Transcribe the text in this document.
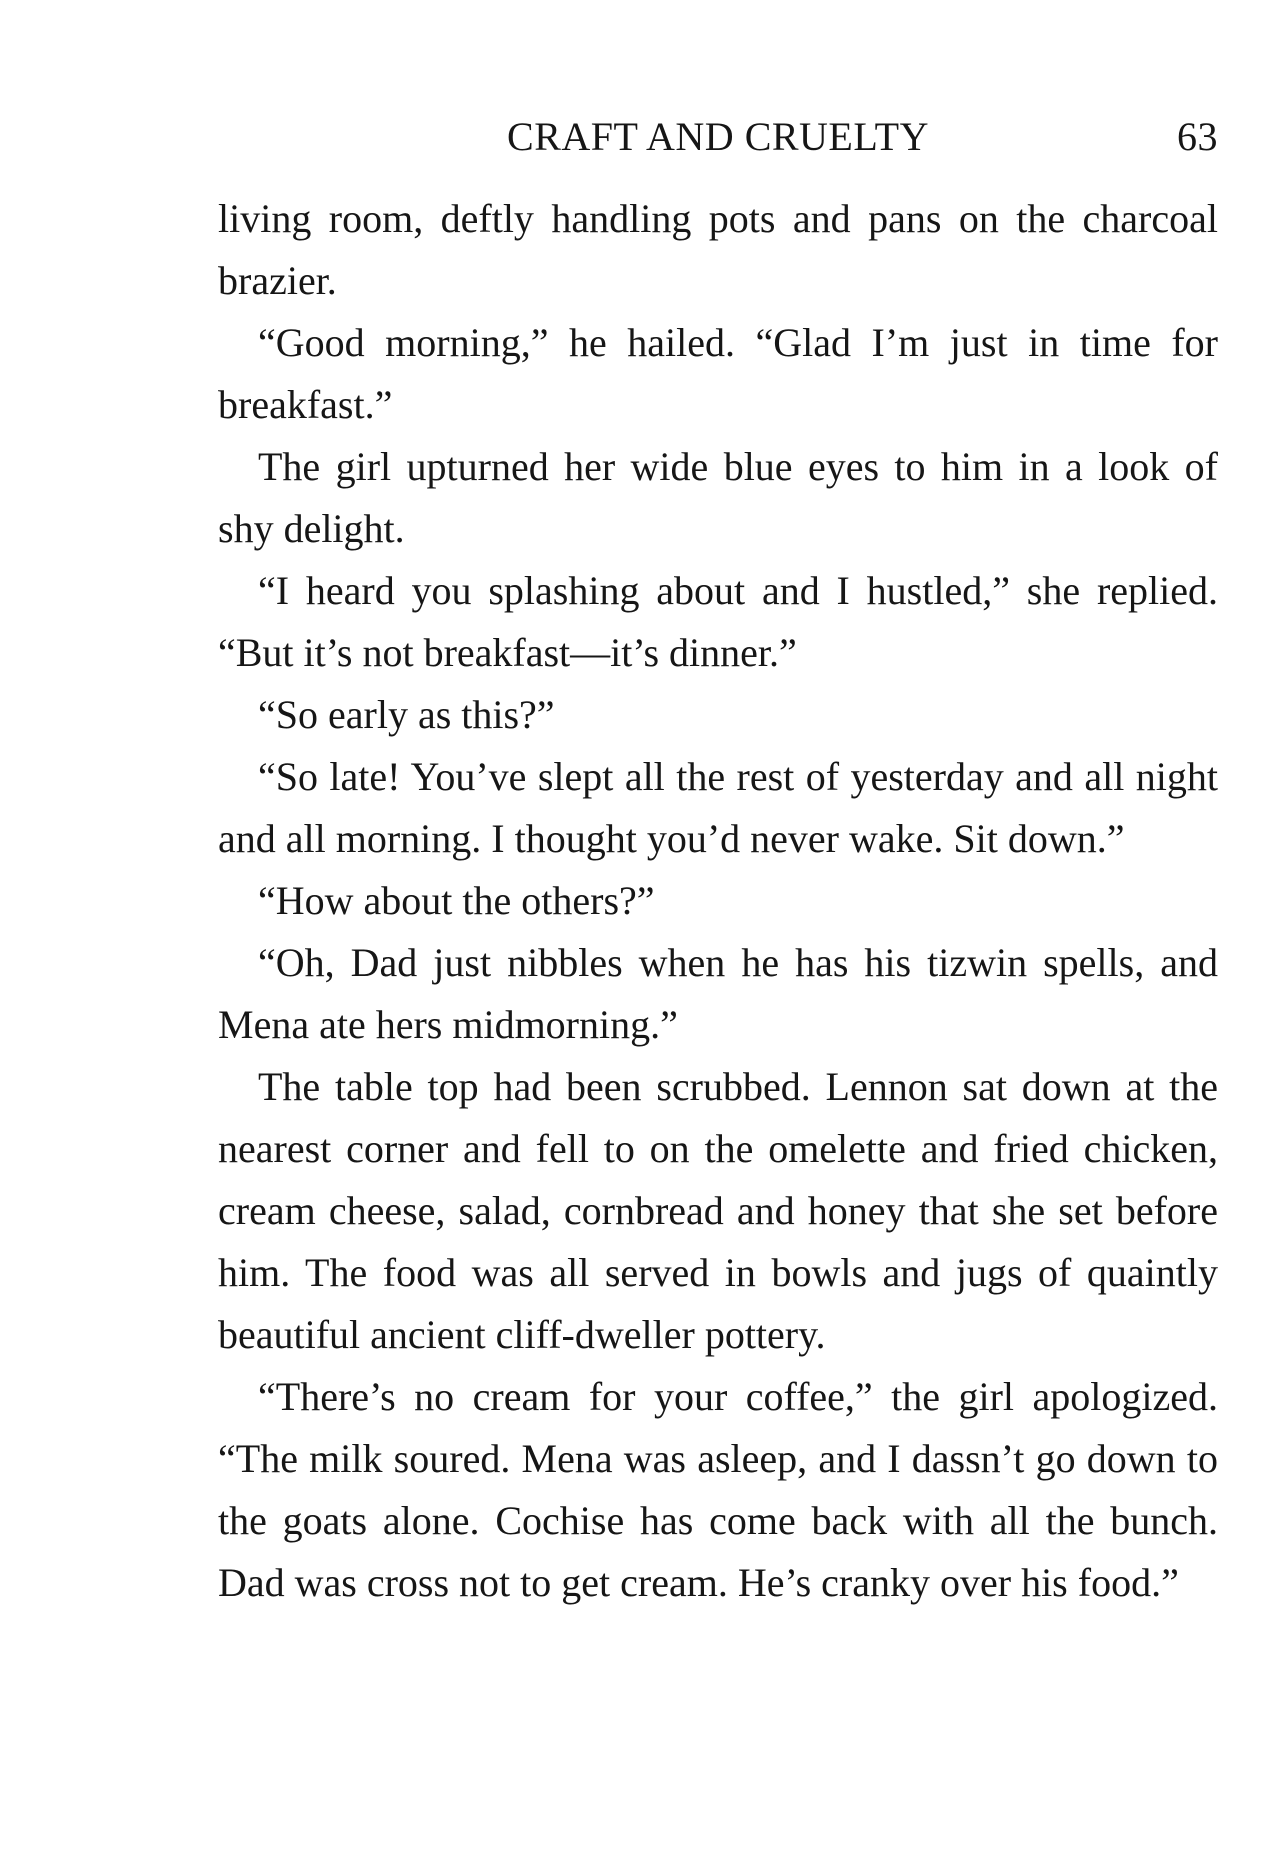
CRAFT AND CRUELTY	63

living room, deftly handling pots and pans on the charcoal brazier.

“Good morning,” he hailed. “Glad I’m just in time for breakfast.”

The girl upturned her wide blue eyes to him in a look of shy delight.

“I heard you splashing about and I hustled,” she replied. “But it’s not breakfast—it’s dinner.”

“So early as this?”

“So late! You’ve slept all the rest of yesterday and all night and all morning. I thought you’d never wake. Sit down.”

“How about the others?”

“Oh, Dad just nibbles when he has his tizwin spells, and Mena ate hers midmorning.”

The table top had been scrubbed. Lennon sat down at the nearest corner and fell to on the omelette and fried chicken, cream cheese, salad, cornbread and honey that she set before him. The food was all served in bowls and jugs of quaintly beautiful ancient cliff-dweller pottery.

“There’s no cream for your coffee,” the girl apologized. “The milk soured. Mena was asleep, and I dassn’t go down to the goats alone. Cochise has come back with all the bunch. Dad was cross not to get cream. He’s cranky over his food.”
